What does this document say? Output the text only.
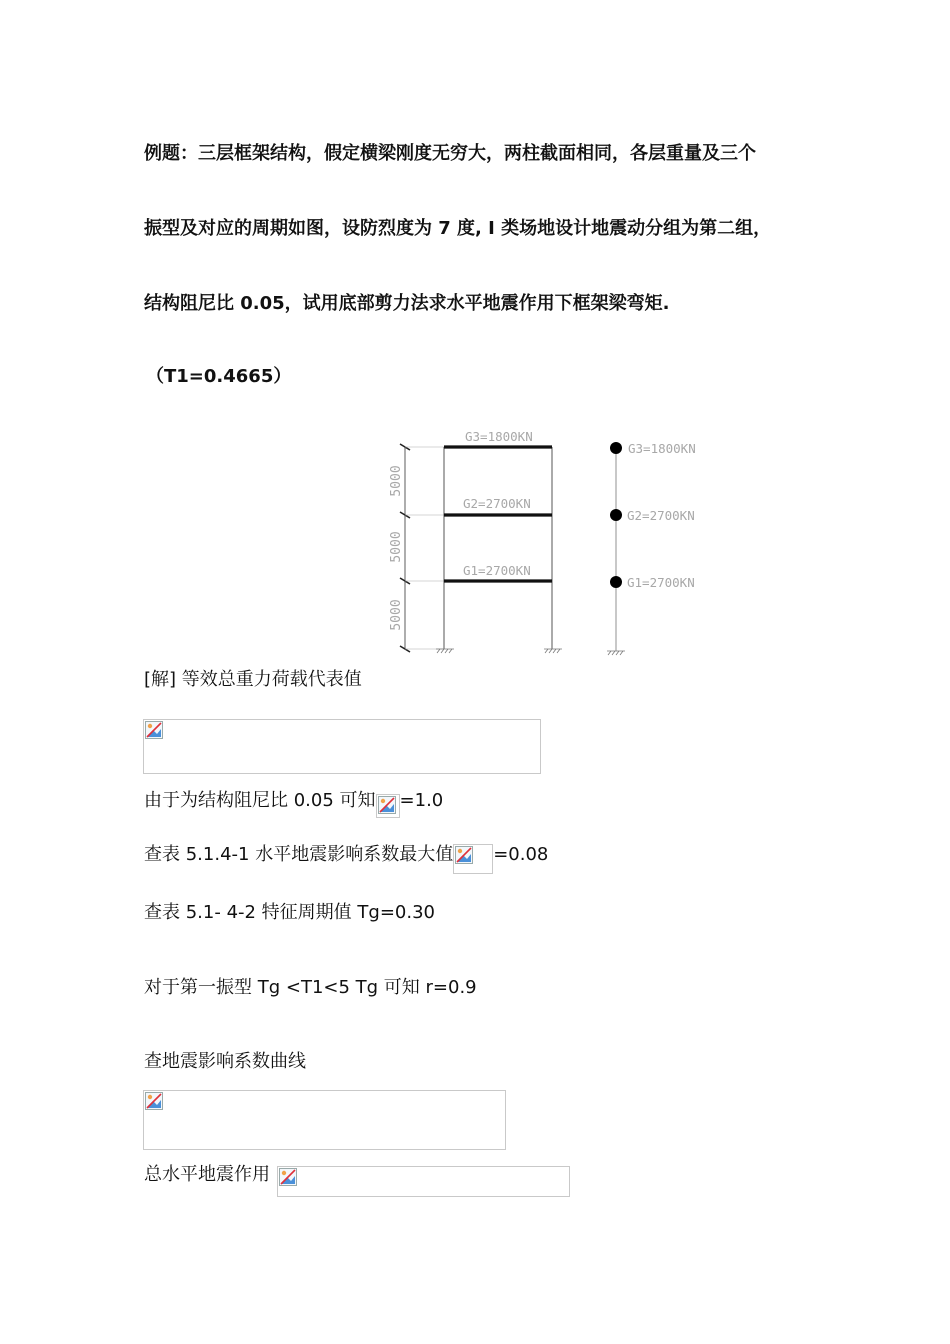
例题：三层框架结构，假定横梁刚度无穷大，两柱截面相同，各层重量及三个
振型及对应的周期如图，设防烈度为 7 度, I 类场地设计地震动分组为第二组，
结构阻尼比 0.05，试用底部剪力法求水平地震作用下框架梁弯矩.
（T1=0.4665）
5000
5000
5000
G3=1800KN
G2=2700KN
G1=2700KN
G3=1800KN
G2=2700KN
G1=2700KN
[解] 等效总重力荷载代表值
由于为结构阻尼比 0.05 可知 =1.0
查表 5.1.4-1 水平地震影响系数最大值 =0.08
查表 5.1- 4-2 特征周期值 Tg=0.30
对于第一振型 Tg <T1<5 Tg 可知 r=0.9
查地震影响系数曲线
总水平地震作用
